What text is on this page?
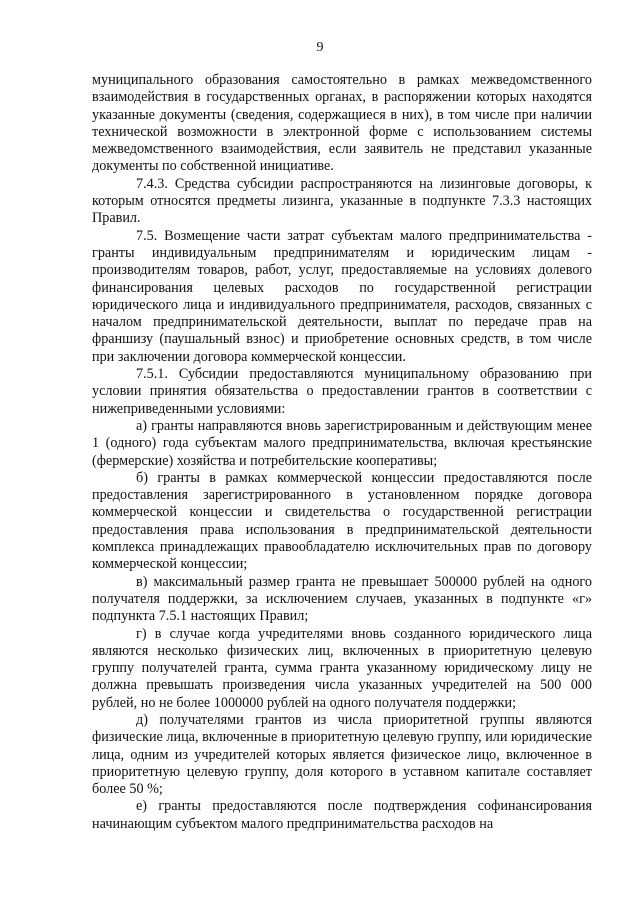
9

муниципального образования самостоятельно в рамках межведомственного взаимодействия в государственных органах, в распоряжении которых находятся указанные документы (сведения, содержащиеся в них), в том числе при наличии технической возможности в электронной форме с использованием системы межведомственного взаимодействия, если заявитель не представил указанные документы по собственной инициативе.

7.4.3. Средства субсидии распространяются на лизинговые договоры, к которым относятся предметы лизинга, указанные в подпункте 7.3.3 настоящих Правил.

7.5. Возмещение части затрат субъектам малого предпринимательства - гранты индивидуальным предпринимателям и юридическим лицам - производителям товаров, работ, услуг, предоставляемые на условиях долевого финансирования целевых расходов по государственной регистрации юридического лица и индивидуального предпринимателя, расходов, связанных с началом предпринимательской деятельности, выплат по передаче прав на франшизу (паушальный взнос) и приобретение основных средств, в том числе при заключении договора коммерческой концессии.

7.5.1. Субсидии предоставляются муниципальному образованию при условии принятия обязательства о предоставлении грантов в соответствии с нижеприведенными условиями:

а) гранты направляются вновь зарегистрированным и действующим менее 1 (одного) года субъектам малого предпринимательства, включая крестьянские (фермерские) хозяйства и потребительские кооперативы;

б) гранты в рамках коммерческой концессии предоставляются после предоставления зарегистрированного в установленном порядке договора коммерческой концессии и свидетельства о государственной регистрации предоставления права использования в предпринимательской деятельности комплекса принадлежащих правообладателю исключительных прав по договору коммерческой концессии;

в) максимальный размер гранта не превышает 500000 рублей на одного получателя поддержки, за исключением случаев, указанных в подпункте «г» подпункта 7.5.1 настоящих Правил;

г) в случае когда учредителями вновь созданного юридического лица являются несколько физических лиц, включенных в приоритетную целевую группу получателей гранта, сумма гранта указанному юридическому лицу не должна превышать произведения числа указанных учредителей на 500 000 рублей, но не более 1000000 рублей на одного получателя поддержки;

д) получателями грантов из числа приоритетной группы являются физические лица, включенные в приоритетную целевую группу, или юридические лица, одним из учредителей которых является физическое лицо, включенное в приоритетную целевую группу, доля которого в уставном капитале составляет более 50 %;

е) гранты предоставляются после подтверждения софинансирования начинающим субъектом малого предпринимательства расходов на
